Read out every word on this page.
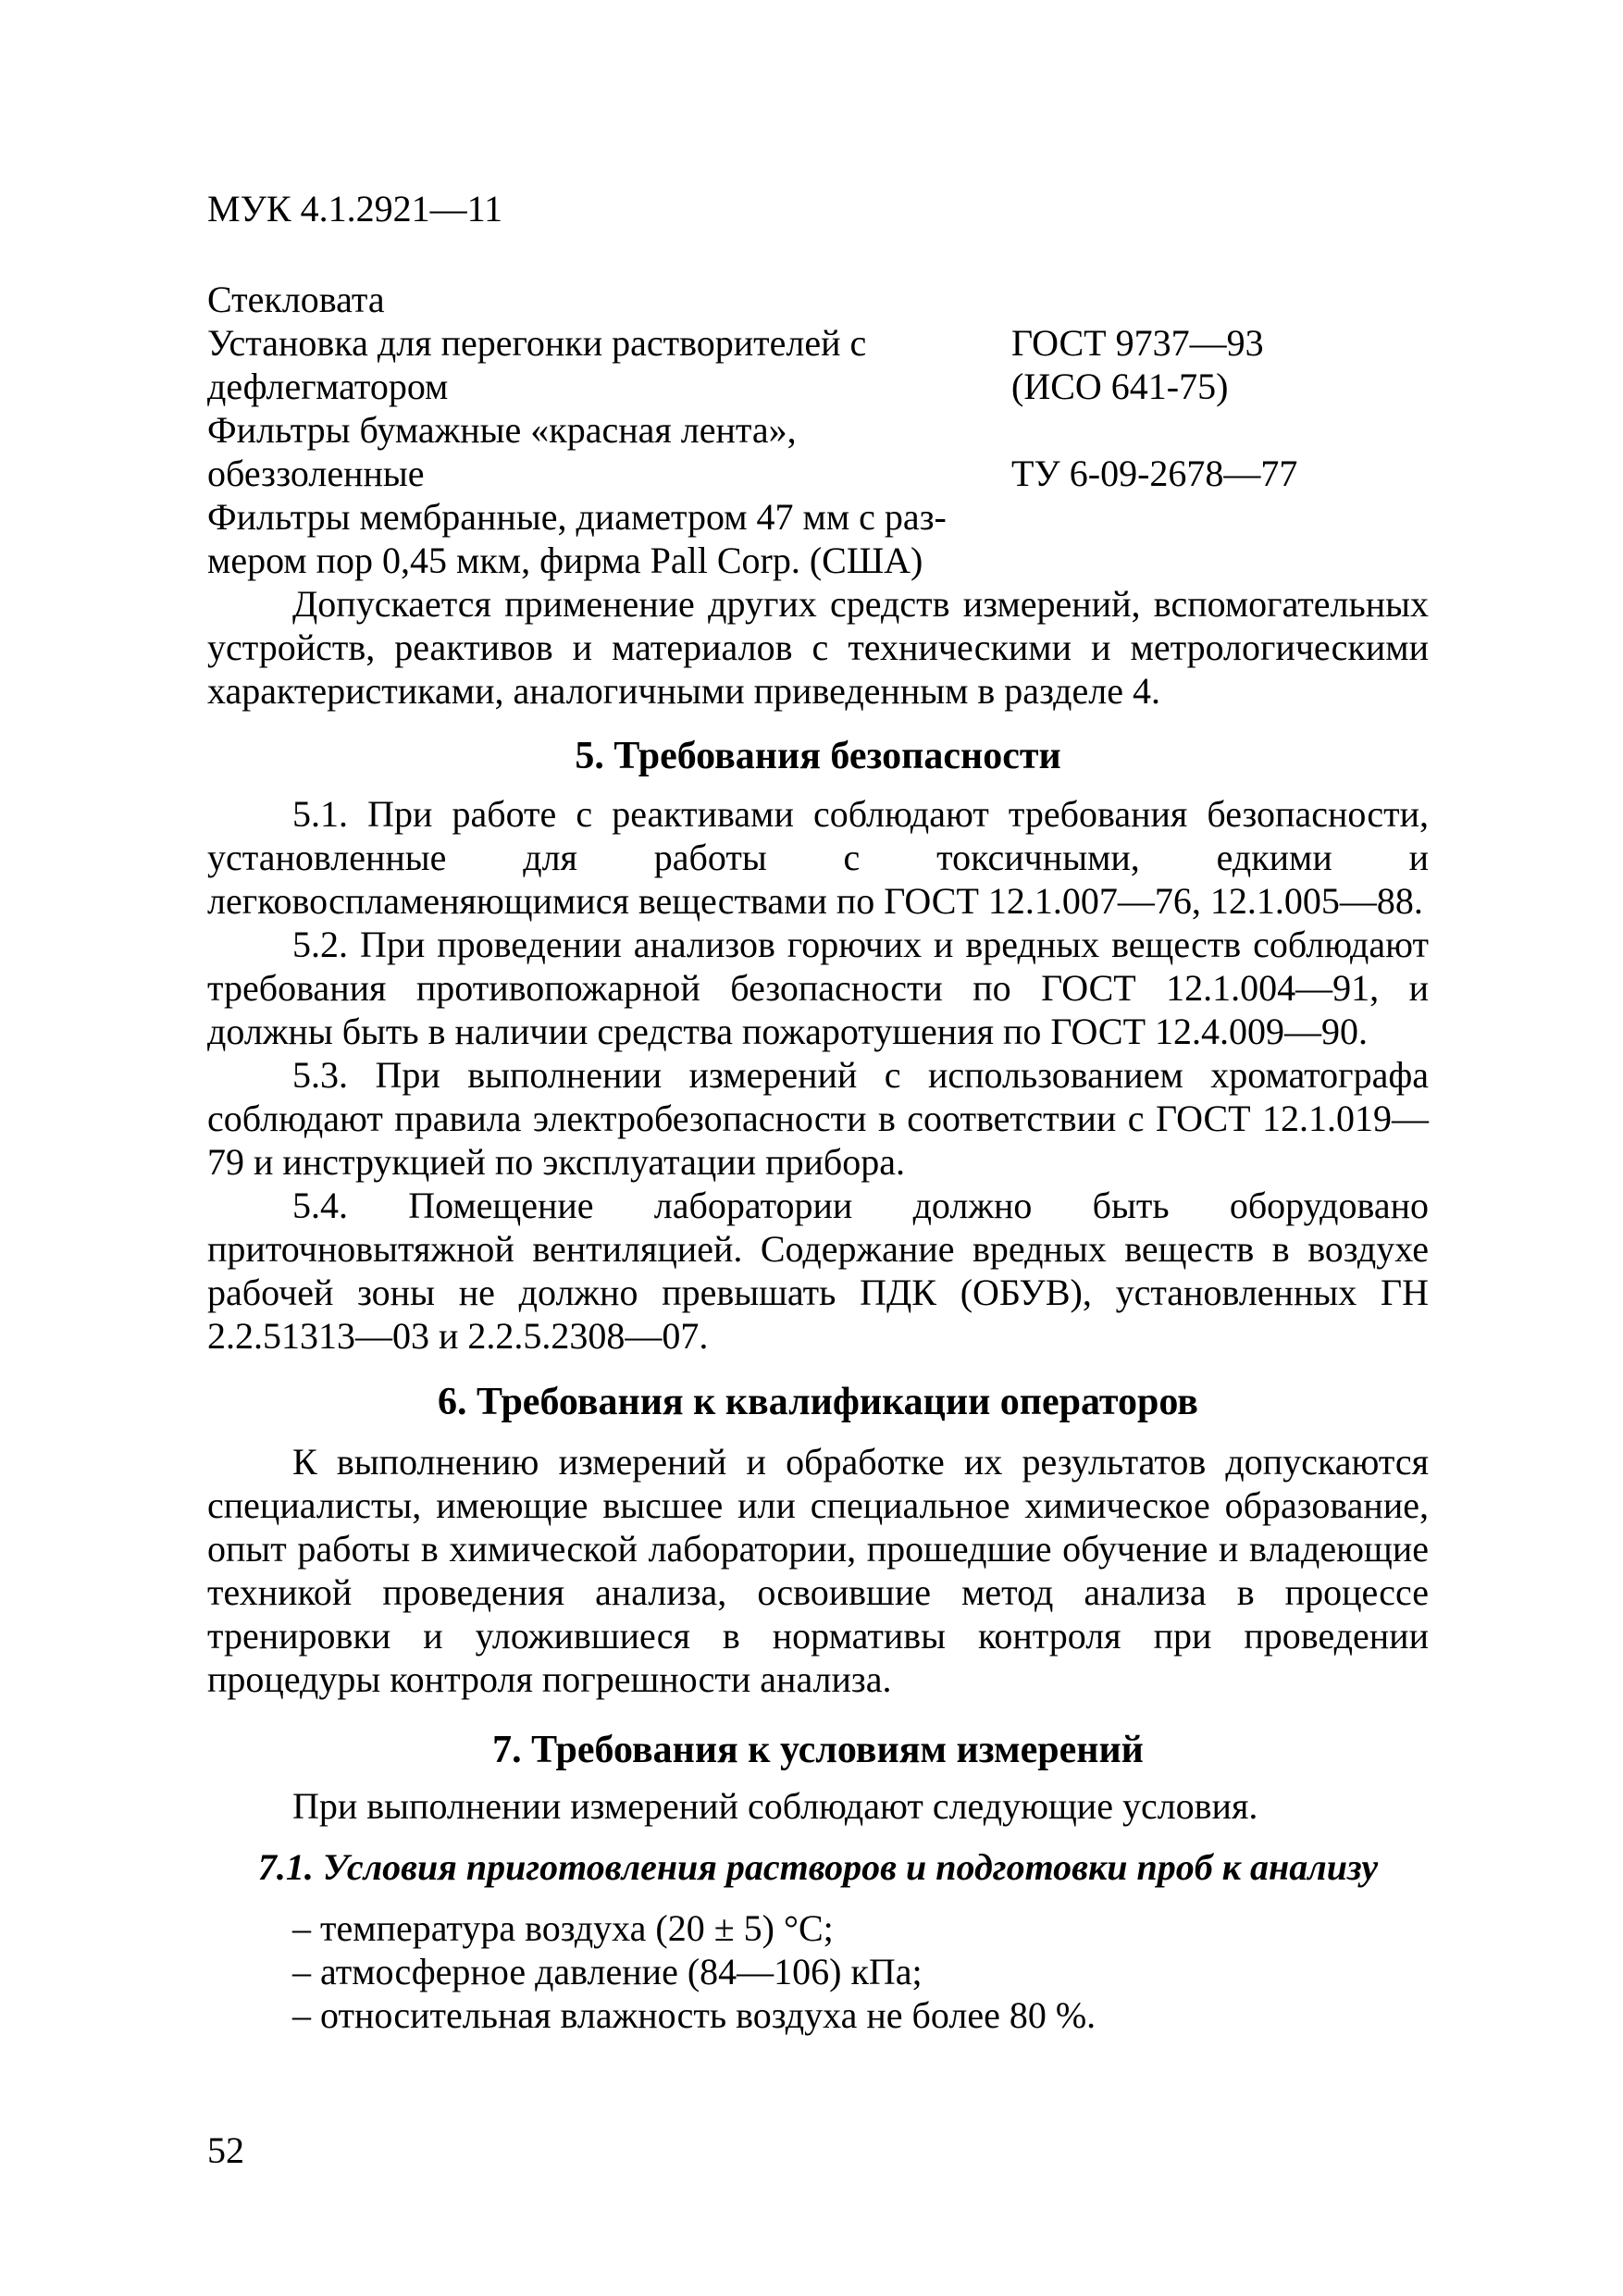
МУК 4.1.2921—11
Стекловата
Установка для перегонки растворителей с	ГОСТ 9737—93
дефлегматором	(ИСО 641-75)
Фильтры бумажные «красная лента»,
обеззоленные	ТУ 6-09-2678—77
Фильтры мембранные, диаметром 47 мм с раз-
мером пор 0,45 мкм, фирма Pall Corp. (США)

Допускается применение других средств измерений, вспомогательных устройств, реактивов и материалов с техническими и метрологическими характеристиками, аналогичными приведенным в разделе 4.

5. Требования безопасности

5.1. При работе с реактивами соблюдают требования безопасности, установленные для работы с токсичными, едкими и легковоспламеняющимися веществами по ГОСТ 12.1.007—76, 12.1.005—88.

5.2. При проведении анализов горючих и вредных веществ соблюдают требования противопожарной безопасности по ГОСТ 12.1.004—91, и должны быть в наличии средства пожаротушения по ГОСТ 12.4.009—90.

5.3. При выполнении измерений с использованием хроматографа соблюдают правила электробезопасности в соответствии с ГОСТ 12.1.019—79 и инструкцией по эксплуатации прибора.

5.4. Помещение лаборатории должно быть оборудовано приточновытяжной вентиляцией. Содержание вредных веществ в воздухе рабочей зоны не должно превышать ПДК (ОБУВ), установленных ГН 2.2.51313—03 и 2.2.5.2308—07.

6. Требования к квалификации операторов

К выполнению измерений и обработке их результатов допускаются специалисты, имеющие высшее или специальное химическое образование, опыт работы в химической лаборатории, прошедшие обучение и владеющие техникой проведения анализа, освоившие метод анализа в процессе тренировки и уложившиеся в нормативы контроля при проведении процедуры контроля погрешности анализа.

7. Требования к условиям измерений

При выполнении измерений соблюдают следующие условия.

7.1. Условия приготовления растворов и подготовки проб к анализу
– температура воздуха (20 ± 5) °С;
– атмосферное давление (84—106) кПа;
– относительная влажность воздуха не более 80 %.
52
